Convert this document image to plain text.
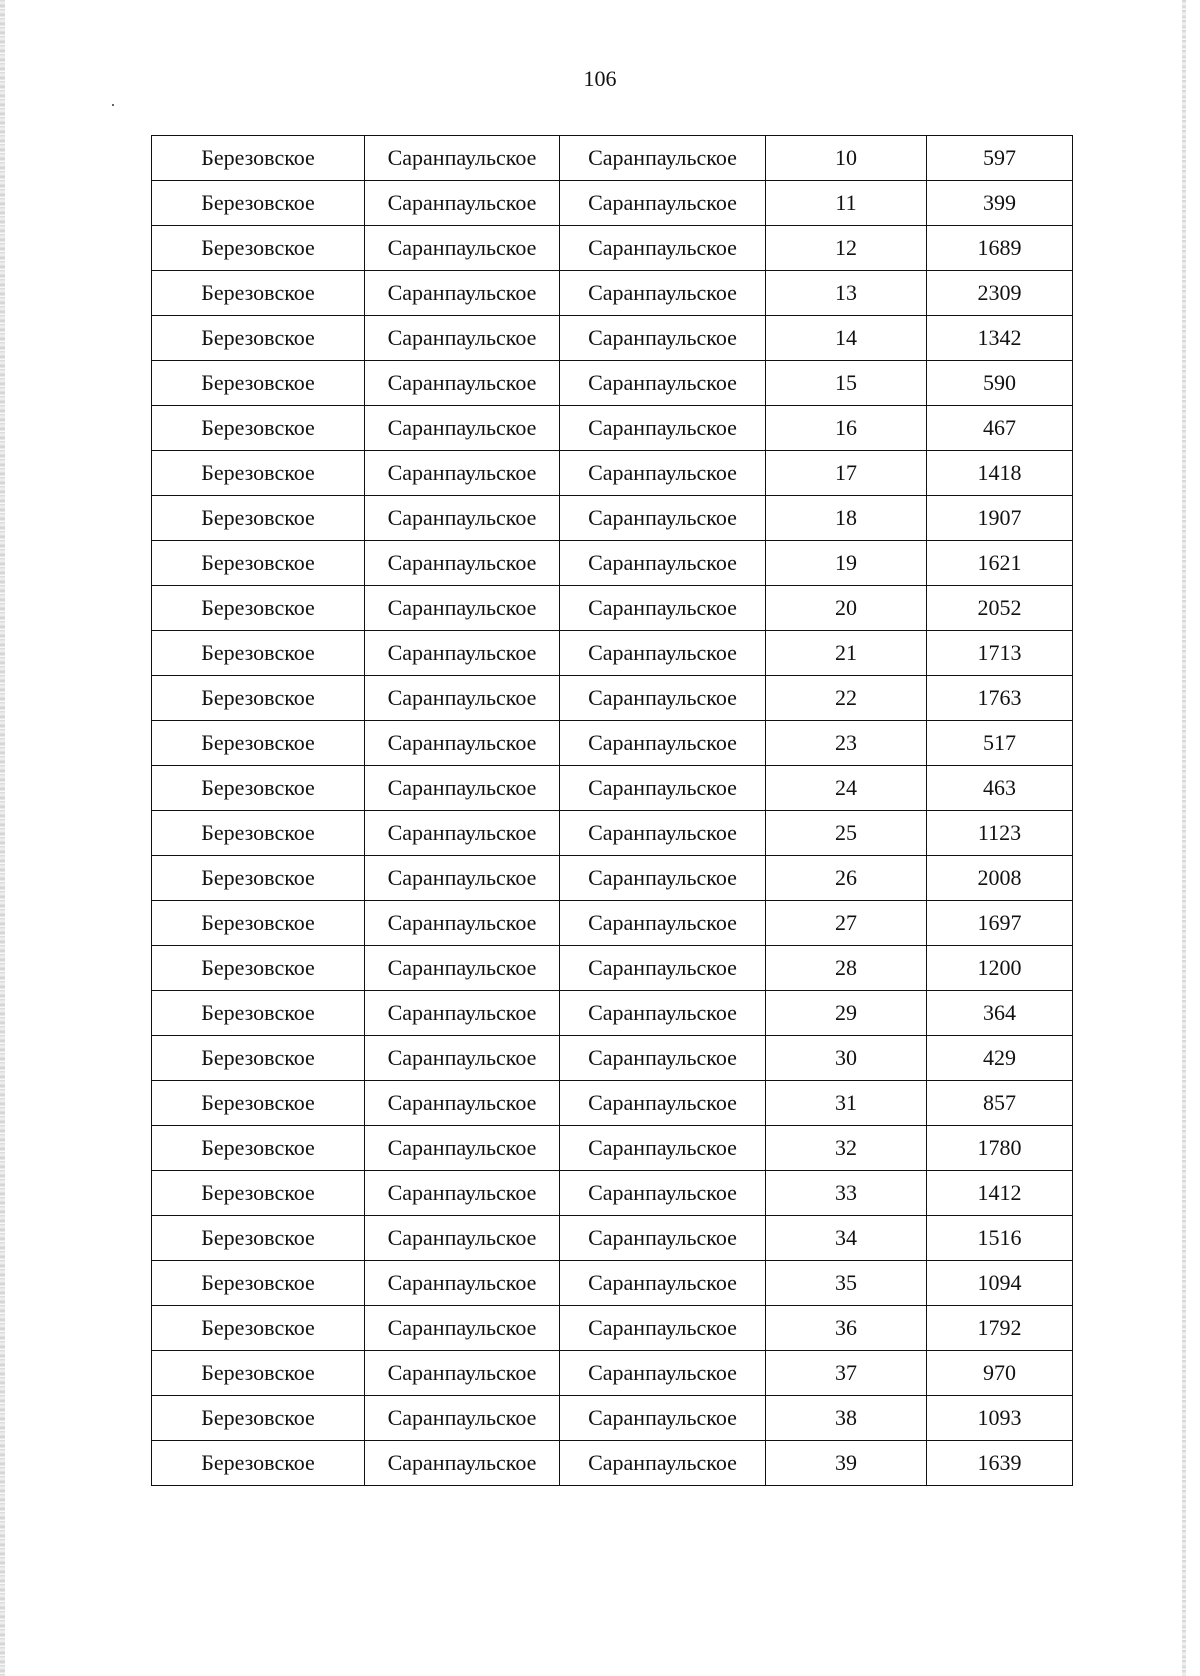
106
Березовское	Саранпаульское	Саранпаульское	10	597
Березовское	Саранпаульское	Саранпаульское	11	399
Березовское	Саранпаульское	Саранпаульское	12	1689
Березовское	Саранпаульское	Саранпаульское	13	2309
Березовское	Саранпаульское	Саранпаульское	14	1342
Березовское	Саранпаульское	Саранпаульское	15	590
Березовское	Саранпаульское	Саранпаульское	16	467
Березовское	Саранпаульское	Саранпаульское	17	1418
Березовское	Саранпаульское	Саранпаульское	18	1907
Березовское	Саранпаульское	Саранпаульское	19	1621
Березовское	Саранпаульское	Саранпаульское	20	2052
Березовское	Саранпаульское	Саранпаульское	21	1713
Березовское	Саранпаульское	Саранпаульское	22	1763
Березовское	Саранпаульское	Саранпаульское	23	517
Березовское	Саранпаульское	Саранпаульское	24	463
Березовское	Саранпаульское	Саранпаульское	25	1123
Березовское	Саранпаульское	Саранпаульское	26	2008
Березовское	Саранпаульское	Саранпаульское	27	1697
Березовское	Саранпаульское	Саранпаульское	28	1200
Березовское	Саранпаульское	Саранпаульское	29	364
Березовское	Саранпаульское	Саранпаульское	30	429
Березовское	Саранпаульское	Саранпаульское	31	857
Березовское	Саранпаульское	Саранпаульское	32	1780
Березовское	Саранпаульское	Саранпаульское	33	1412
Березовское	Саранпаульское	Саранпаульское	34	1516
Березовское	Саранпаульское	Саранпаульское	35	1094
Березовское	Саранпаульское	Саранпаульское	36	1792
Березовское	Саранпаульское	Саранпаульское	37	970
Березовское	Саранпаульское	Саранпаульское	38	1093
Березовское	Саранпаульское	Саранпаульское	39	1639
